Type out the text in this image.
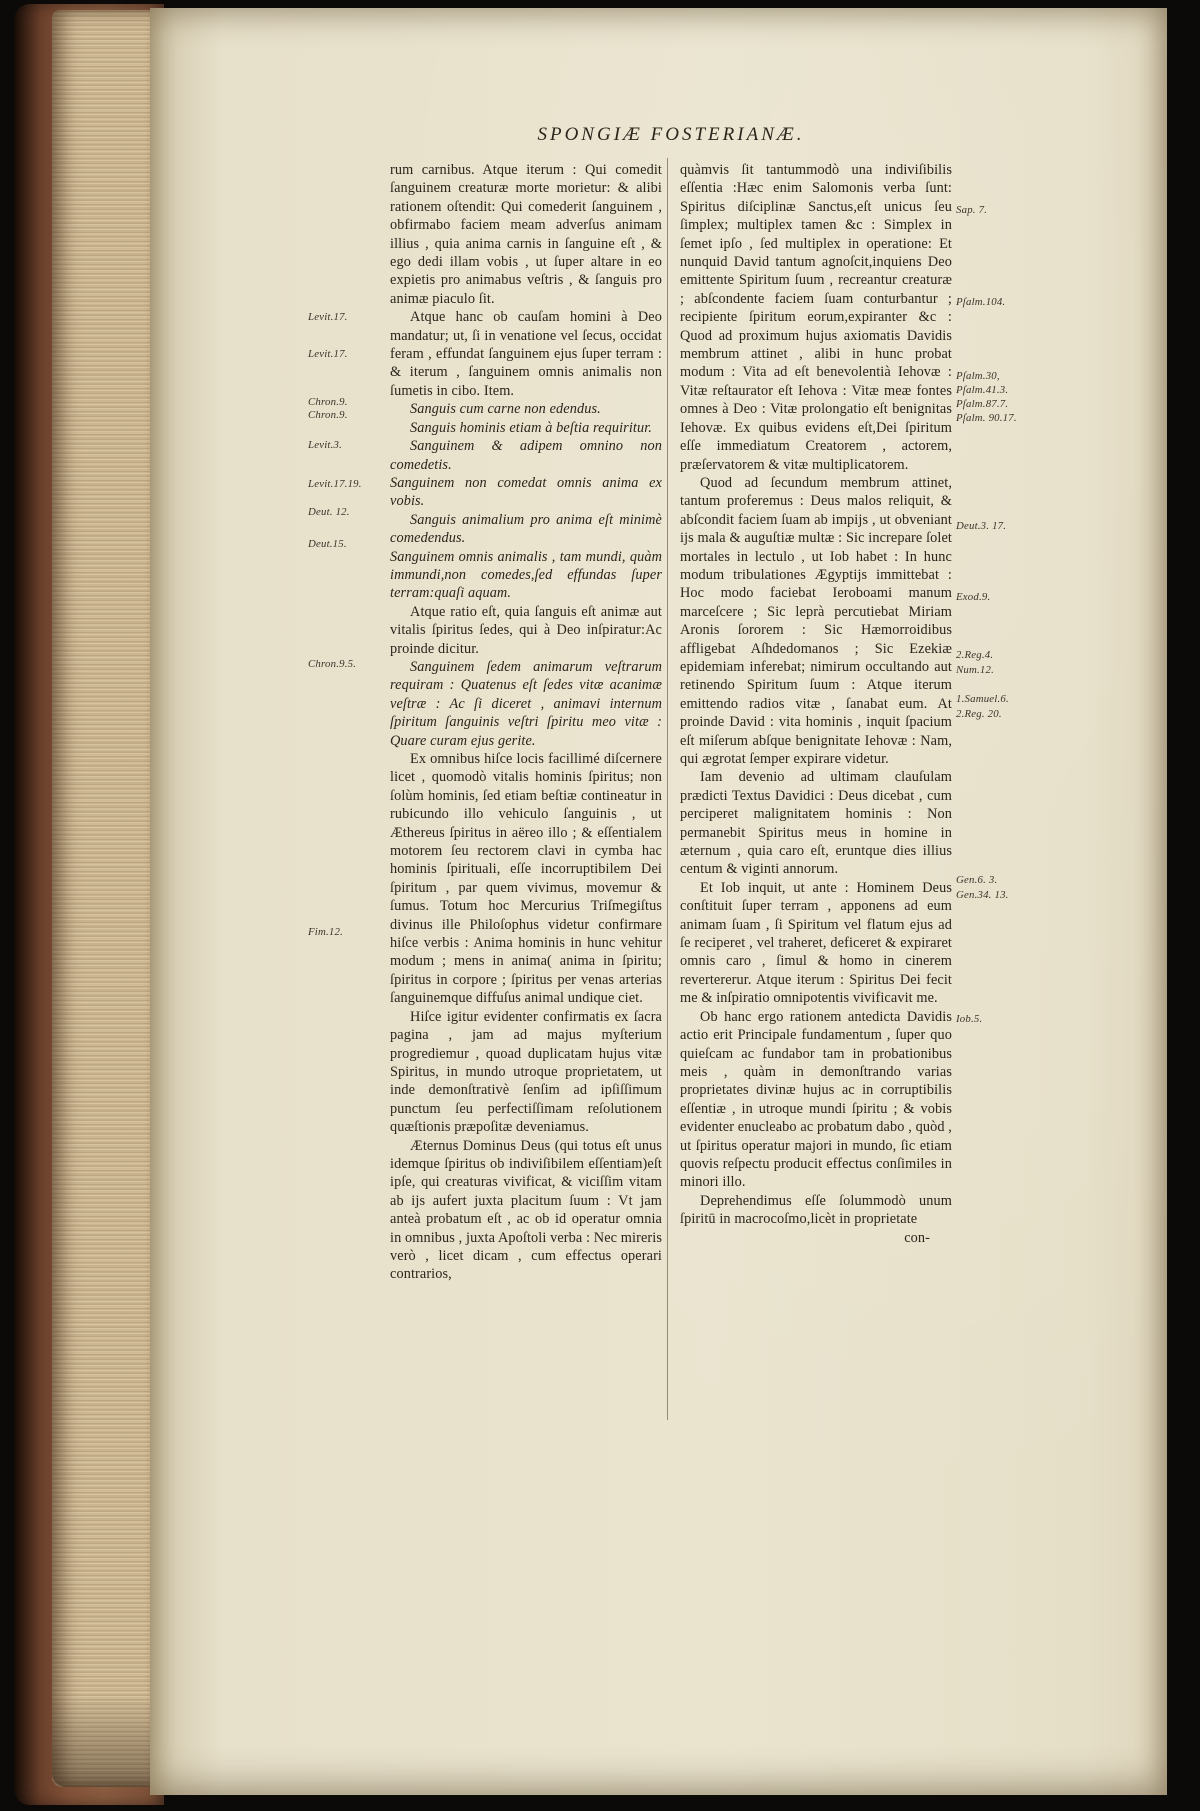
SPONGIÆ FOSTERIANÆ.
Levit.17.
Levit.17.
Chron.9.
Chron.9.
Levit.3.
Levit.17.19.
Deut. 12.
Deut.15.
Chron.9.5.
Fim.12.
Sap. 7.
Pſalm.104.
Pſalm.30,
Pſalm.41.3.
Pſalm.87.7.
Pſalm. 90.17.
Deut.3. 17.
Exod.9.
2.Reg.4.
Num.12.
1.Samuel.6.
2.Reg. 20.
Gen.6. 3.
Gen.34. 13.
Iob.5.

rum carnibus. Atque iterum : Qui comedit ſanguinem creaturæ morte morietur: & alibi rationem oſtendit: Qui comederit ſanguinem , obfirmabo faciem meam adverſus animam illius , quia anima carnis in ſanguine eſt , & ego dedi illam vobis , ut ſuper altare in eo expietis pro animabus veſtris , & ſanguis pro animæ piaculo ſit.

Atque hanc ob cauſam homini à Deo mandatur; ut, ſi in venatione vel ſecus, occidat feram , effundat ſanguinem ejus ſuper terram : & iterum , ſanguinem omnis animalis non ſumetis in cibo. Item.

Sanguis cum carne non edendus.

Sanguis hominis etiam à beſtia requiritur.

Sanguinem & adipem omnino non comedetis.

Sanguinem non comedat omnis anima ex vobis.

Sanguis animalium pro anima eſt minimè comedendus.

Sanguinem omnis animalis , tam mundi, quàm immundi,non comedes,ſed effundas ſuper terram:quaſi aquam.

Atque ratio eſt, quia ſanguis eſt animæ aut vitalis ſpiritus ſedes, qui à Deo inſpiratur:Ac proinde dicitur.

Sanguinem ſedem animarum veſtrarum requiram : Quatenus eſt ſedes vitæ acanimæ veſtræ : Ac ſi diceret , animavi internum ſpiritum ſanguinis veſtri ſpiritu meo vitæ : Quare curam ejus gerite.

Ex omnibus hiſce locis facillimé diſcernere licet , quomodò vitalis hominis ſpiritus; non ſolùm hominis, ſed etiam beſtiæ contineatur in rubicundo illo vehiculo ſanguinis , ut Æthereus ſpiritus in aëreo illo ; & eſſentialem motorem ſeu rectorem clavi in cymba hac hominis ſpirituali, eſſe incorruptibilem Dei ſpiritum , par quem vivimus, movemur & ſumus. Totum hoc Mercurius Triſmegiſtus divinus ille Philoſophus videtur confirmare hiſce verbis : Anima hominis in hunc vehitur modum ; mens in anima( anima in ſpiritu; ſpiritus in corpore ; ſpiritus per venas arterias ſanguinemque diffuſus animal undique ciet.

Hiſce igitur evidenter confirmatis ex ſacra pagina , jam ad majus myſterium progrediemur , quoad duplicatam hujus vitæ Spiritus, in mundo utroque proprietatem, ut inde demonſtrativè ſenſim ad ipſiſſimum punctum ſeu perfectiſſimam reſolutionem quæſtionis præpoſitæ deveniamus.

Æternus Dominus Deus (qui totus eſt unus idemque ſpiritus ob indiviſibilem eſſentiam)eſt ipſe, qui creaturas vivificat, & viciſſim vitam ab ijs aufert juxta placitum ſuum : Vt jam anteà probatum eſt , ac ob id operatur omnia in omnibus , juxta Apoſtoli verba : Nec mireris verò , licet dicam , cum effectus operari contrarios,

quàmvis ſit tantummodò una indiviſibilis eſſentia :Hæc enim Salomonis verba ſunt: Spiritus diſciplinæ Sanctus,eſt unicus ſeu ſimplex; multiplex tamen &c : Simplex in ſemet ipſo , ſed multiplex in operatione: Et nunquid David tantum agnoſcit,inquiens Deo emittente Spiritum ſuum , recreantur creaturæ ; abſcondente faciem ſuam conturbantur ; recipiente ſpiritum eorum,expiranter &c : Quod ad proximum hujus axiomatis Davidis membrum attinet , alibi in hunc probat modum : Vita ad eſt benevolentià Iehovæ : Vitæ reſtaurator eſt Iehova : Vitæ meæ fontes omnes à Deo : Vitæ prolongatio eſt benignitas Iehovæ. Ex quibus evidens eſt,Dei ſpiritum eſſe immediatum Creatorem , actorem, præſervatorem & vitæ multiplicatorem.

Quod ad ſecundum membrum attinet, tantum proferemus : Deus malos reliquit, & abſcondit faciem ſuam ab impijs , ut obveniant ijs mala & auguſtiæ multæ : Sic increpare ſolet mortales in lectulo , ut Iob habet : In hunc modum tribulationes Ægyptijs immittebat : Hoc modo faciebat Ieroboami manum marceſcere ; Sic leprà percutiebat Miriam Aronis ſororem : Sic Hæmorroidibus affligebat Aſhdedomanos ; Sic Ezekiæ epidemiam inferebat; nimirum occultando aut retinendo Spiritum ſuum : Atque iterum emittendo radios vitæ , ſanabat eum. At proinde David : vita hominis , inquit ſpacium eſt miſerum abſque benignitate Iehovæ : Nam, qui ægrotat ſemper expirare videtur.

Iam devenio ad ultimam clauſulam prædicti Textus Davidici : Deus dicebat , cum perciperet malignitatem hominis : Non permanebit Spiritus meus in homine in æternum , quia caro eſt, eruntque dies illius centum & viginti annorum.

Et Iob inquit, ut ante : Hominem Deus conſtituit ſuper terram , apponens ad eum animam ſuam , ſi Spiritum vel flatum ejus ad ſe reciperet , vel traheret, deficeret & expiraret omnis caro , ſimul & homo in cinerem revertererur. Atque iterum : Spiritus Dei fecit me & inſpiratio omnipotentis vivificavit me.

Ob hanc ergo rationem antedicta Davidis actio erit Principale fundamentum , ſuper quo quieſcam ac fundabor tam in probationibus meis , quàm in demonſtrando varias proprietates divinæ hujus ac in corruptibilis eſſentiæ , in utroque mundi ſpiritu ; & vobis evidenter enucleabo ac probatum dabo , quòd , ut ſpiritus operatur majori in mundo, ſic etiam quovis reſpectu producit effectus conſimiles in minori illo.

Deprehendimus eſſe ſolummodò unum ſpiritū in macrocoſmo,licèt in proprietate

con-
